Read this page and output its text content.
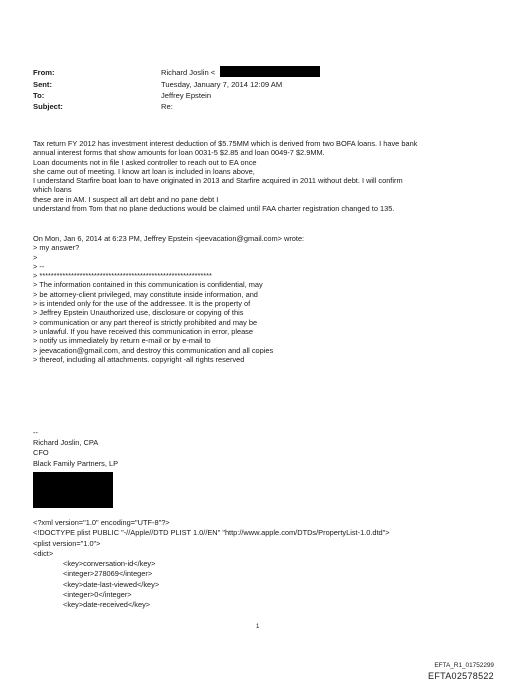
From:	Richard Joslin <
Sent:	Tuesday, January 7, 2014 12:09 AM
To:	Jeffrey Epstein
Subject:	Re:
Tax return FY 2012 has investment interest deduction of $5.75MM which is derived from two BOFA loans. I have bank
annual interest forms that show amounts for loan 0031-5 $2.85 and loan 0049-7 $2.9MM.
Loan documents not in file I asked controller to reach out to EA once
she came out of meeting. I know art loan is included in loans above,
I understand Starfire boat loan to have originated in 2013 and Starfire acquired in 2011 without debt. I will confirm
which loans
these are in AM. I suspect all art debt and no pane debt I
understand from Tom that no plane deductions would be claimed until FAA charter registration changed to 135.
On Mon, Jan 6, 2014 at 6:23 PM, Jeffrey Epstein <jeevacation@gmail.com> wrote:
> my answer?
>
> --
> ************************************************************
> The information contained in this communication is confidential, may
> be attorney-client privileged, may constitute inside information, and
> is intended only for the use of the addressee. It is the property of
> Jeffrey Epstein Unauthorized use, disclosure or copying of this
> communication or any part thereof is strictly prohibited and may be
> unlawful. If you have received this communication in error, please
> notify us immediately by return e-mail or by e-mail to
> jeevacation@gmail.com, and destroy this communication and all copies
> thereof, including all attachments. copyright -all rights reserved
--
Richard Joslin, CPA
CFO
Black Family Partners, LP
<?xml version="1.0" encoding="UTF-8"?>
<!DOCTYPE plist PUBLIC "-//Apple//DTD PLIST 1.0//EN" "http://www.apple.com/DTDs/PropertyList-1.0.dtd">
<plist version="1.0">
<dict>
<key>conversation-id</key>
<integer>278069</integer>
<key>date-last-viewed</key>
<integer>0</integer>
<key>date-received</key>
1
EFTA_R1_01752299
EFTA02578522
